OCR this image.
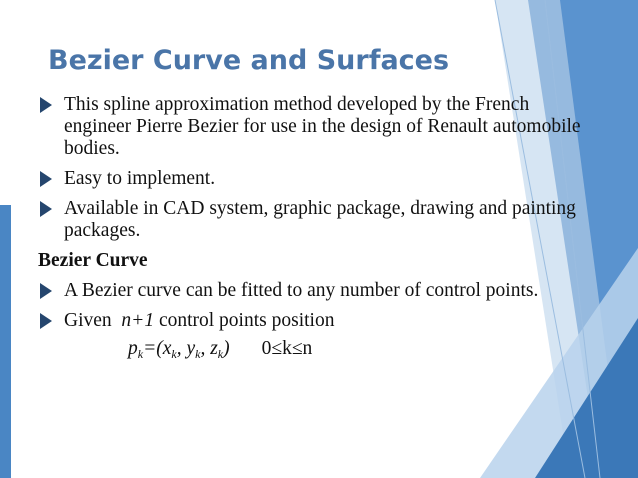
Bezier Curve and Surfaces
This spline approximation method developed by the French engineer Pierre Bezier for use in the design of Renault automobile bodies.
Easy to implement.
Available in CAD system, graphic package, drawing and painting packages.
Bezier Curve
A Bezier curve can be fitted to any number of control points.
Given n+1 control points position
$p_k=(x_k$, $y_k$, $z_k$) 0≤k≤n
